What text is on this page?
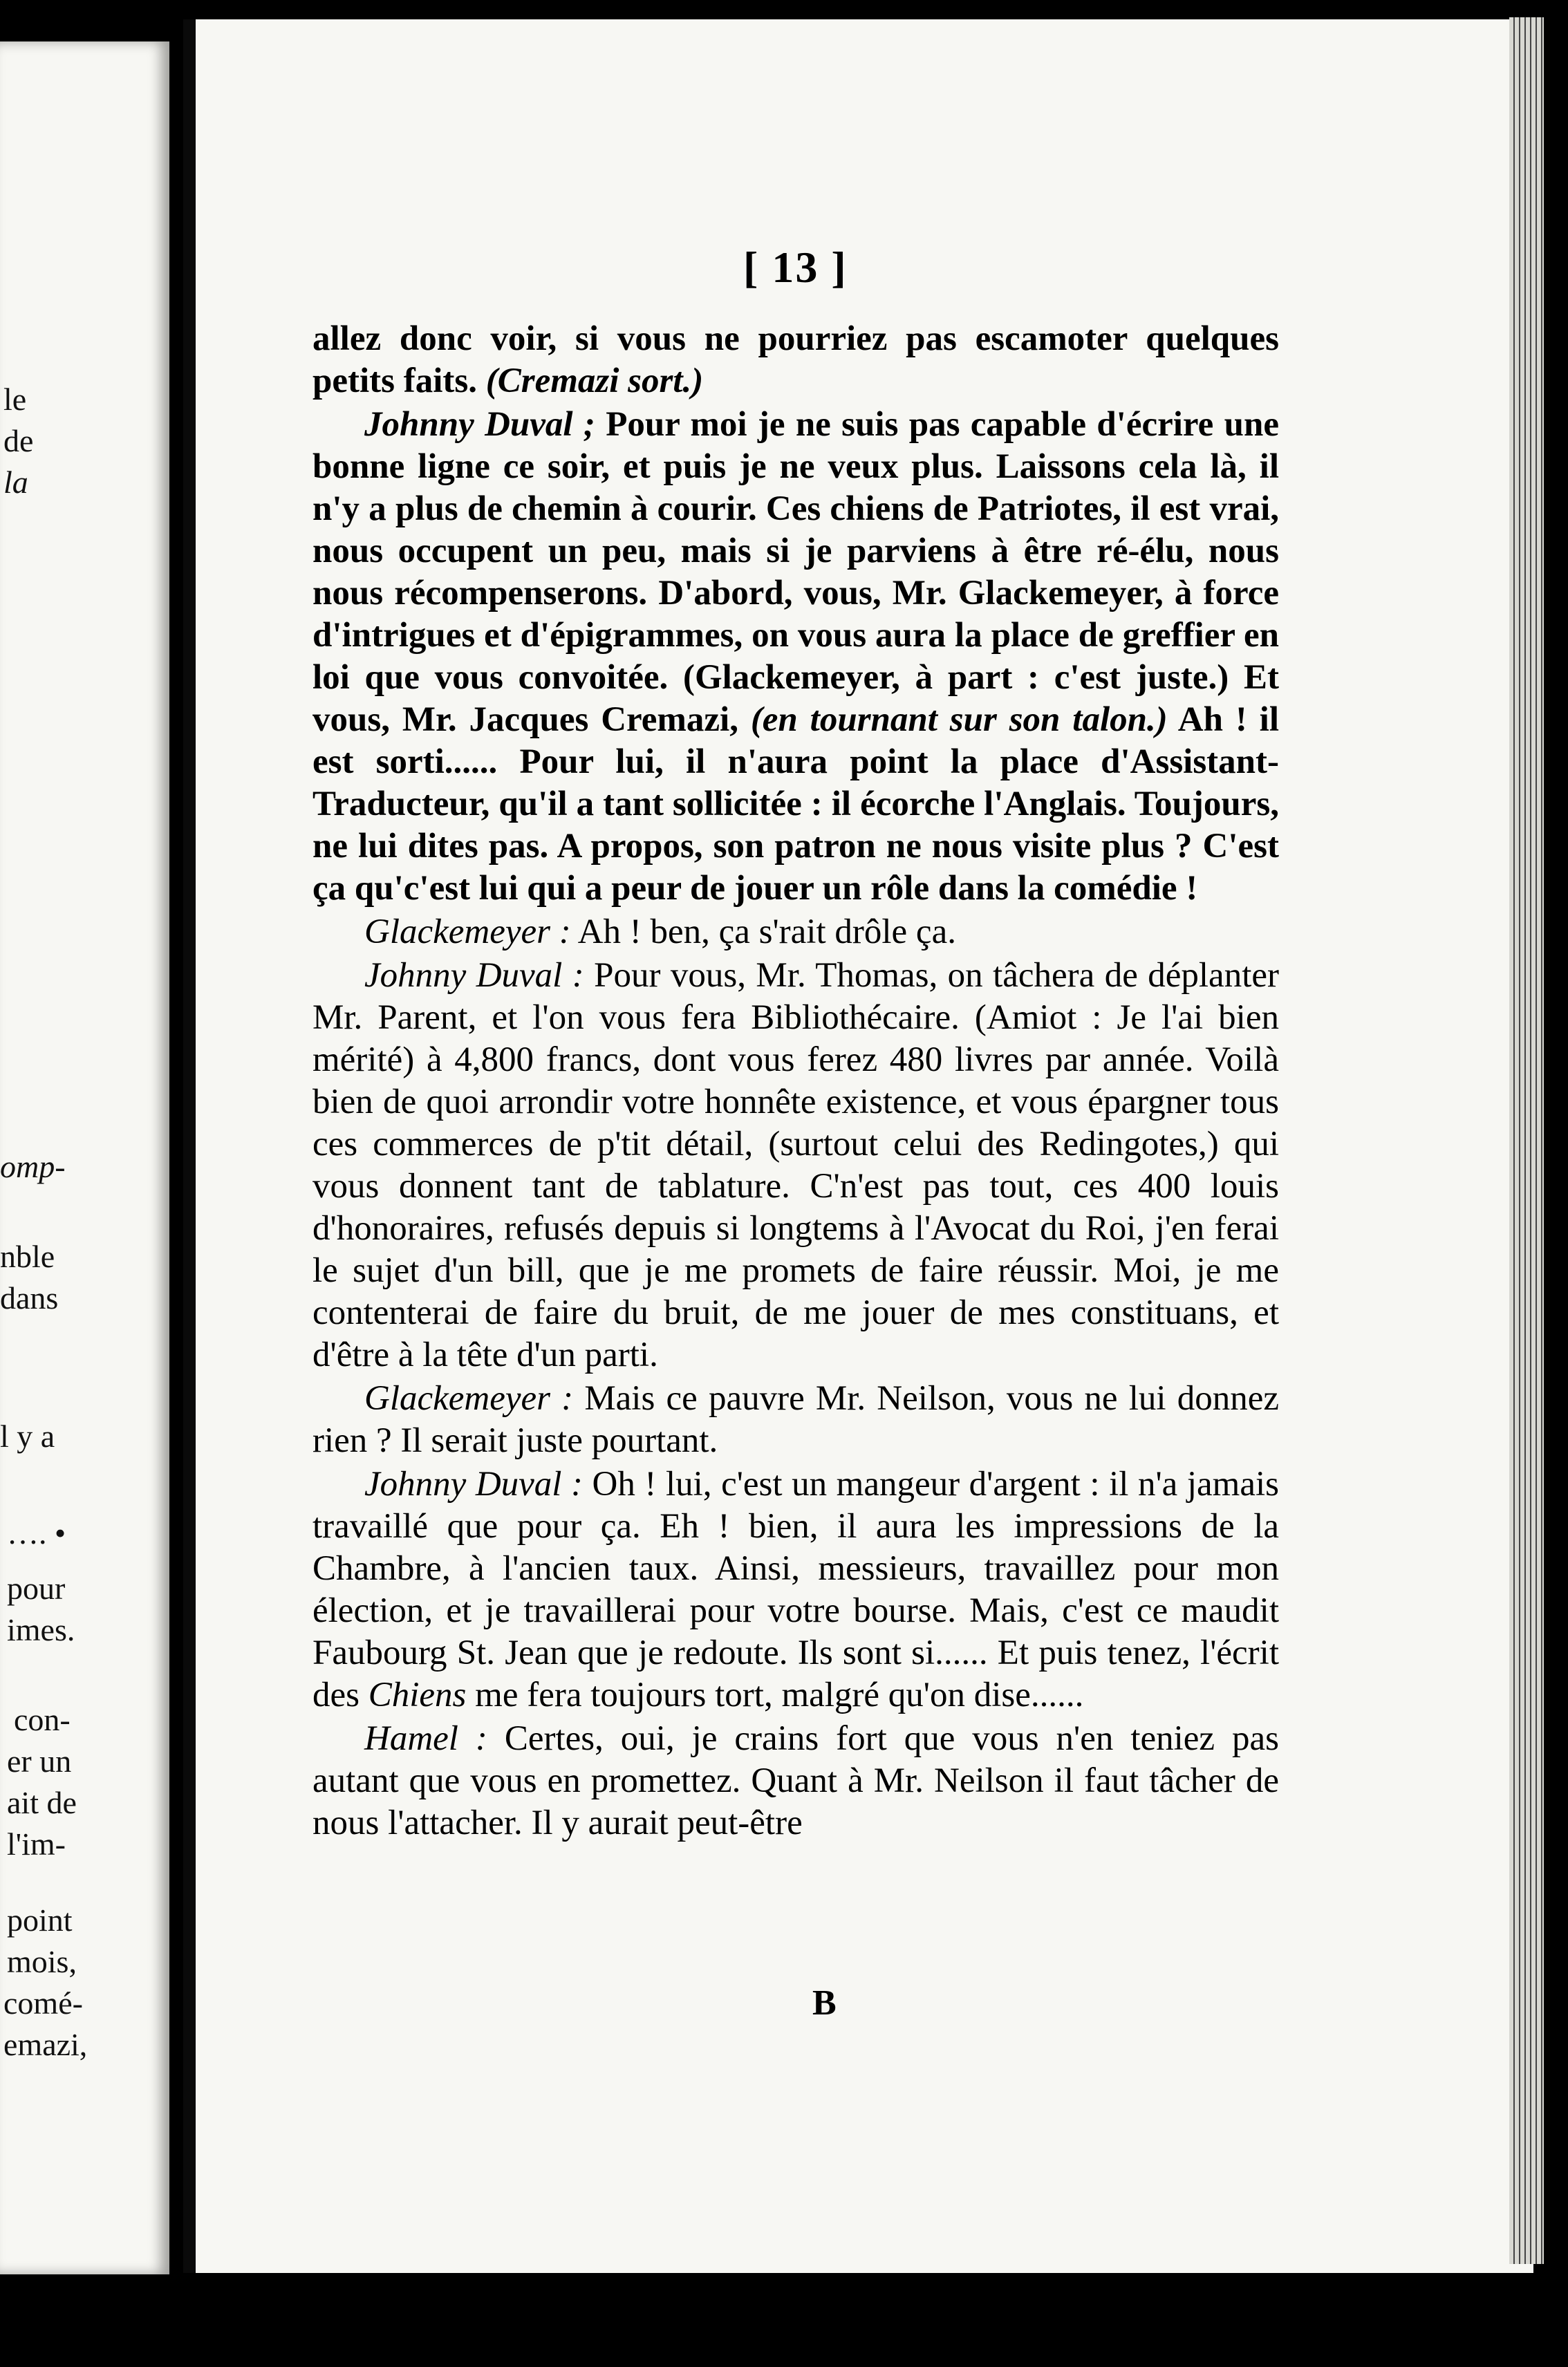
le
de
la
omp-
nble
dans
l y a
…. •
pour
imes.
con-
er un
ait de
l'im-
point
mois,
comé-
emazi,
[ 13 ]

allez donc voir, si vous ne pourriez pas escamoter quelques petits faits. (Cremazi sort.)

Johnny Duval ; Pour moi je ne suis pas capable d'écrire une bonne ligne ce soir, et puis je ne veux plus. Laissons cela là, il n'y a plus de chemin à courir. Ces chiens de Patriotes, il est vrai, nous occupent un peu, mais si je parviens à être ré-élu, nous nous récompenserons. D'abord, vous, Mr. Glackemeyer, à force d'intrigues et d'épigrammes, on vous aura la place de greffier en loi que vous convoitée. (Glackemeyer, à part : c'est juste.) Et vous, Mr. Jacques Cremazi, (en tournant sur son talon.) Ah ! il est sorti...... Pour lui, il n'aura point la place d'Assistant-Traducteur, qu'il a tant sollicitée : il écorche l'Anglais. Toujours, ne lui dites pas. A propos, son patron ne nous visite plus ? C'est ça qu'c'est lui qui a peur de jouer un rôle dans la comédie !

Glackemeyer : Ah ! ben, ça s'rait drôle ça.

Johnny Duval : Pour vous, Mr. Thomas, on tâchera de déplanter Mr. Parent, et l'on vous fera Bibliothécaire. (Amiot : Je l'ai bien mérité) à 4,800 francs, dont vous ferez 480 livres par année. Voilà bien de quoi arrondir votre honnête existence, et vous épargner tous ces commerces de p'tit détail, (surtout celui des Redingotes,) qui vous donnent tant de tablature. C'n'est pas tout, ces 400 louis d'honoraires, refusés depuis si longtems à l'Avocat du Roi, j'en ferai le sujet d'un bill, que je me promets de faire réussir. Moi, je me contenterai de faire du bruit, de me jouer de mes constituans, et d'être à la tête d'un parti.

Glackemeyer : Mais ce pauvre Mr. Neilson, vous ne lui donnez rien ? Il serait juste pourtant.

Johnny Duval : Oh ! lui, c'est un mangeur d'argent : il n'a jamais travaillé que pour ça. Eh ! bien, il aura les impressions de la Chambre, à l'ancien taux. Ainsi, messieurs, travaillez pour mon élection, et je travaillerai pour votre bourse. Mais, c'est ce maudit Faubourg St. Jean que je redoute. Ils sont si...... Et puis tenez, l'écrit des Chiens me fera toujours tort, malgré qu'on dise......

Hamel : Certes, oui, je crains fort que vous n'en teniez pas autant que vous en promettez. Quant à Mr. Neilson il faut tâcher de nous l'attacher. Il y aurait peut-être

B
